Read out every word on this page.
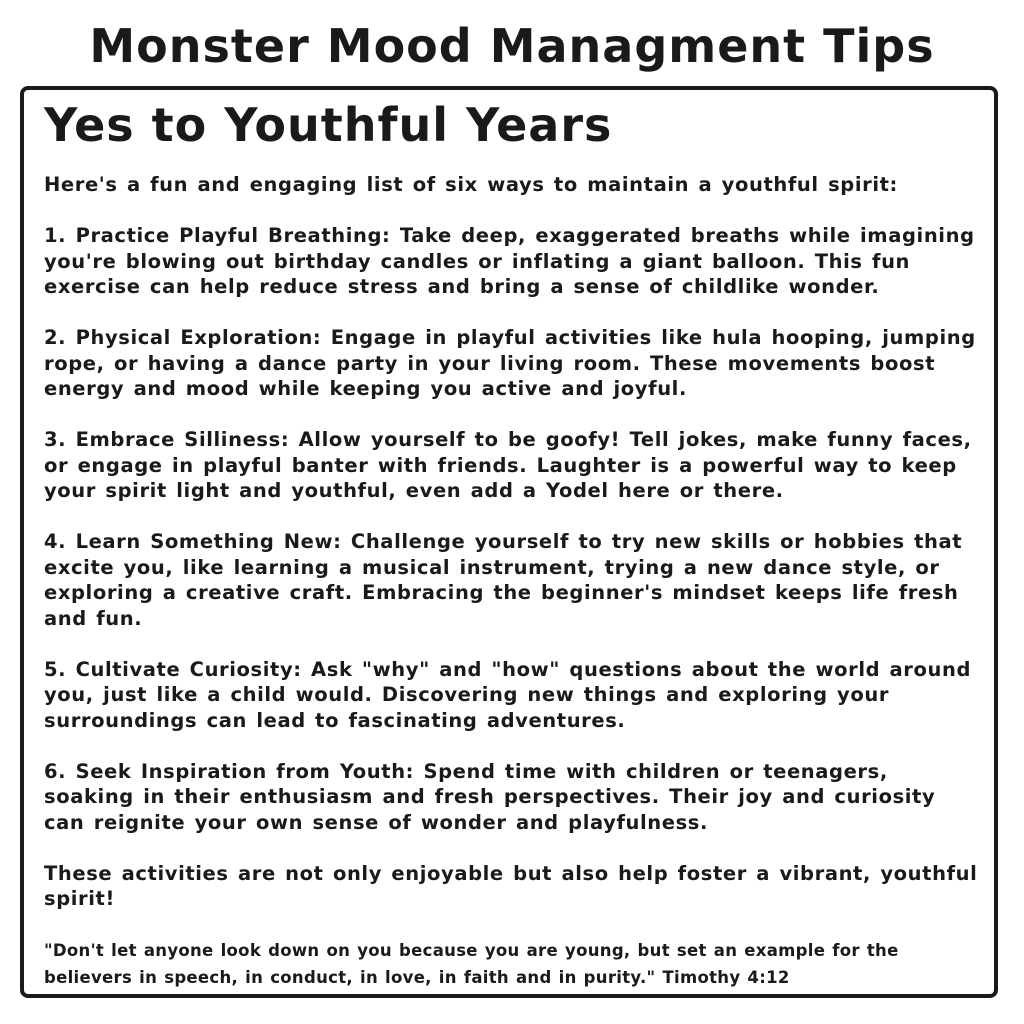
Monster Mood Managment Tips
Yes to Youthful Years

Here's a fun and engaging list of six ways to maintain a youthful spirit:

1. Practice Playful Breathing: Take deep, exaggerated breaths while imagining you're blowing out birthday candles or inflating a giant balloon. This fun exercise can help reduce stress and bring a sense of childlike wonder.

2. Physical Exploration: Engage in playful activities like hula hooping, jumping rope, or having a dance party in your living room. These movements boost energy and mood while keeping you active and joyful.

3. Embrace Silliness: Allow yourself to be goofy! Tell jokes, make funny faces, or engage in playful banter with friends. Laughter is a powerful way to keep your spirit light and youthful, even add a Yodel here or there.

4. Learn Something New: Challenge yourself to try new skills or hobbies that excite you, like learning a musical instrument, trying a new dance style, or exploring a creative craft. Embracing the beginner's mindset keeps life fresh and fun.

5. Cultivate Curiosity: Ask "why" and "how" questions about the world around you, just like a child would. Discovering new things and exploring your surroundings can lead to fascinating adventures.

6. Seek Inspiration from Youth: Spend time with children or teenagers, soaking in their enthusiasm and fresh perspectives. Their joy and curiosity can reignite your own sense of wonder and playfulness.

These activities are not only enjoyable but also help foster a vibrant, youthful spirit!

"Don't let anyone look down on you because you are young, but set an example for the believers in speech, in conduct, in love, in faith and in purity." Timothy 4:12
